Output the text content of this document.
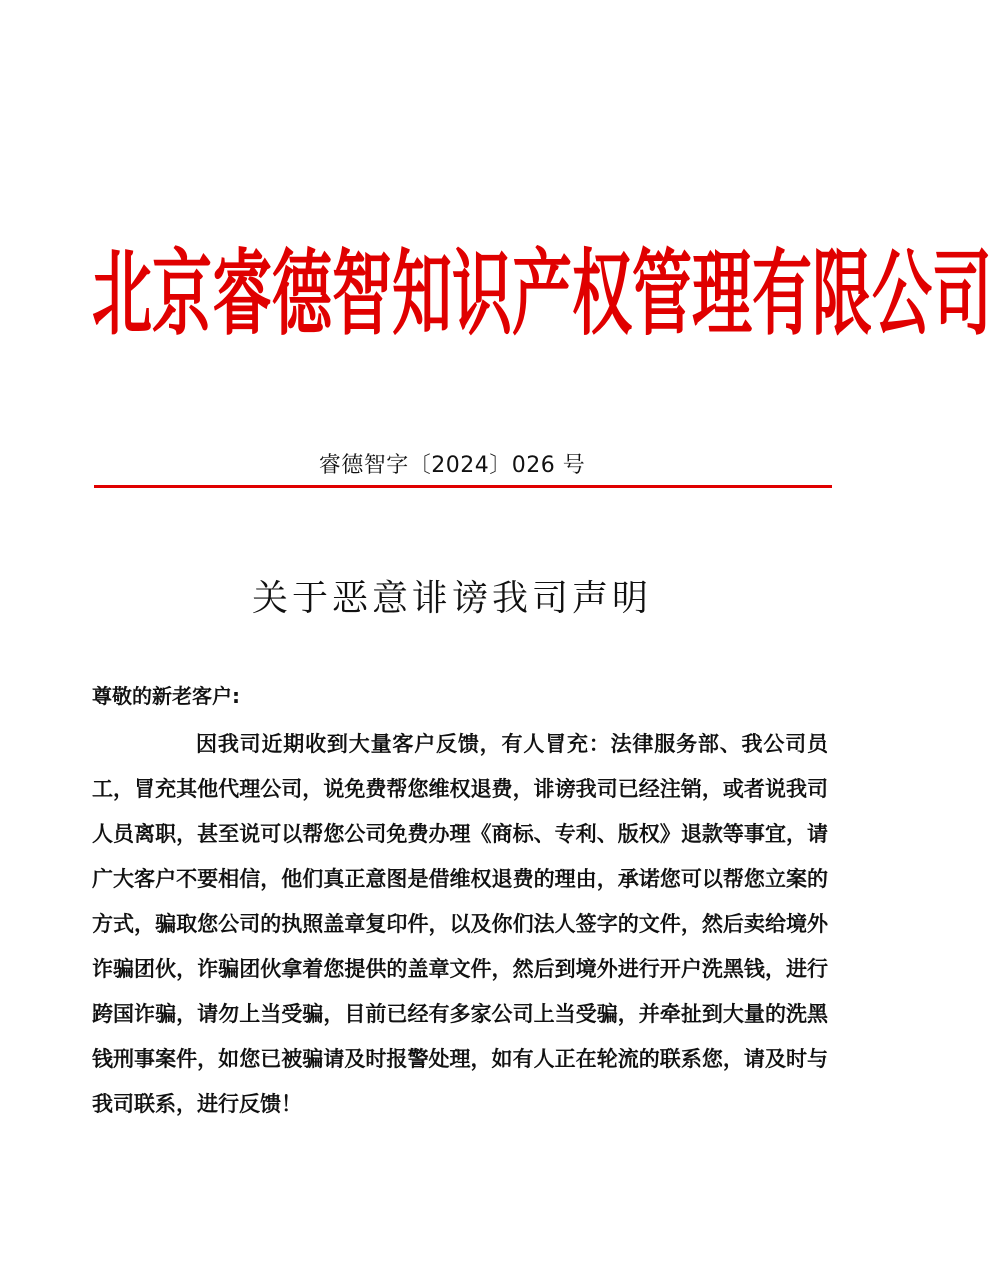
北 京 睿 德 智 知 识 产 权 管 理 有 限 公 司
睿德智字〔2024〕026 号
关于恶意诽谤我司声明
尊敬的新老客户:

因我司近期收到大量客户反馈，有人冒充：法律服务部、我公司员工，冒充其他代理公司，说免费帮您维权退费，诽谤我司已经注销，或者说我司人员离职，甚至说可以帮您公司免费办理《商标、专利、版权》退款等事宜，请广大客户不要相信，他们真正意图是借维权退费的理由，承诺您可以帮您立案的方式，骗取您公司的执照盖章复印件，以及你们法人签字的文件，然后卖给境外诈骗团伙，诈骗团伙拿着您提供的盖章文件，然后到境外进行开户洗黑钱，进行跨国诈骗，请勿上当受骗，目前已经有多家公司上当受骗，并牵扯到大量的洗黑钱刑事案件，如您已被骗请及时报警处理，如有人正在轮流的联系您，请及时与我司联系，进行反馈！
